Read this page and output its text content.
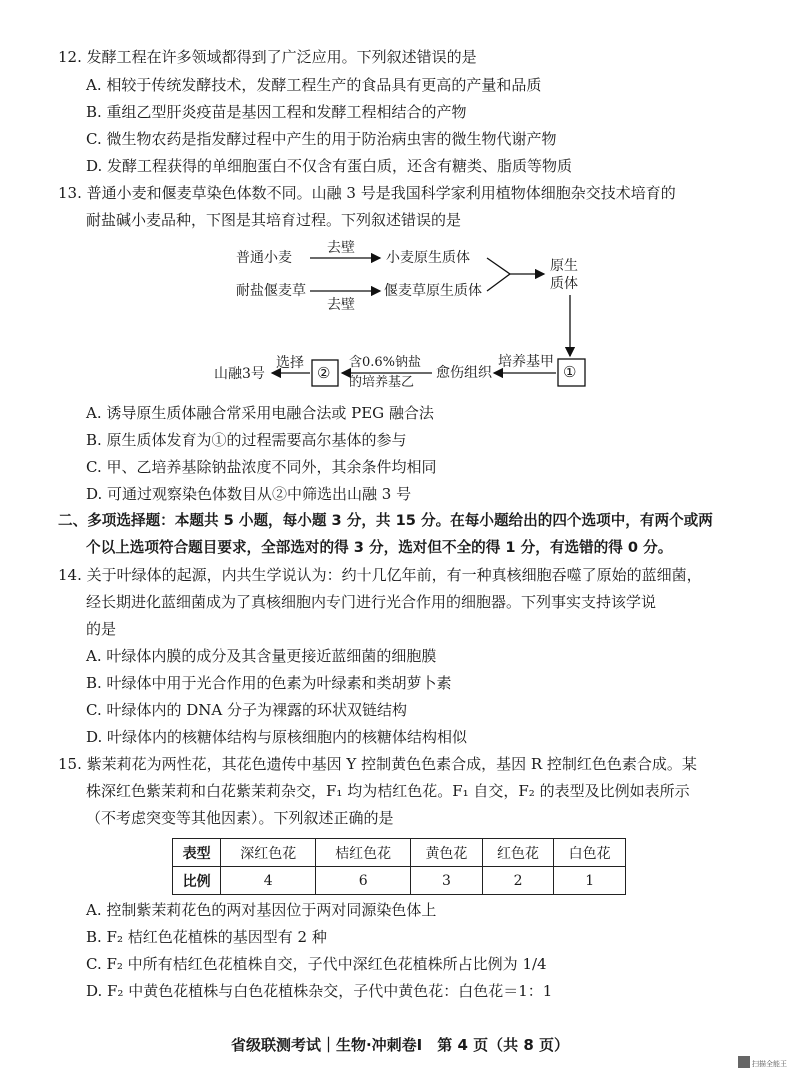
12. 发酵工程在许多领域都得到了广泛应用。下列叙述错误的是
A. 相较于传统发酵技术，发酵工程生产的食品具有更高的产量和品质
B. 重组乙型肝炎疫苗是基因工程和发酵工程相结合的产物
C. 微生物农药是指发酵过程中产生的用于防治病虫害的微生物代谢产物
D. 发酵工程获得的单细胞蛋白不仅含有蛋白质，还含有糖类、脂质等物质
13. 普通小麦和偃麦草染色体数不同。山融 3 号是我国科学家利用植物体细胞杂交技术培育的
耐盐碱小麦品种，下图是其培育过程。下列叙述错误的是
普通小麦
去壁
小麦原生质体
耐盐偃麦草
去壁
偃麦草原生质体
原生
质体
①
培养基甲
愈伤组织
含0.6%钠盐
的培养基乙
②
选择
山融3号
A. 诱导原生质体融合常采用电融合法或 PEG 融合法
B. 原生质体发育为①的过程需要高尔基体的参与
C. 甲、乙培养基除钠盐浓度不同外，其余条件均相同
D. 可通过观察染色体数目从②中筛选出山融 3 号
二、多项选择题：本题共 5 小题，每小题 3 分，共 15 分。在每小题给出的四个选项中，有两个或两
个以上选项符合题目要求，全部选对的得 3 分，选对但不全的得 1 分，有选错的得 0 分。
14. 关于叶绿体的起源，内共生学说认为：约十几亿年前，有一种真核细胞吞噬了原始的蓝细菌，
经长期进化蓝细菌成为了真核细胞内专门进行光合作用的细胞器。下列事实支持该学说
的是
A. 叶绿体内膜的成分及其含量更接近蓝细菌的细胞膜
B. 叶绿体中用于光合作用的色素为叶绿素和类胡萝卜素
C. 叶绿体内的 DNA 分子为裸露的环状双链结构
D. 叶绿体内的核糖体结构与原核细胞内的核糖体结构相似
15. 紫茉莉花为两性花，其花色遗传中基因 Y 控制黄色色素合成，基因 R 控制红色色素合成。某
株深红色紫茉莉和白花紫茉莉杂交，F₁ 均为桔红色花。F₁ 自交，F₂ 的表型及比例如表所示
（不考虑突变等其他因素）。下列叙述正确的是
表型	深红色花	桔红色花	黄色花	红色花	白色花
比例	4	6	3	2	1
A. 控制紫茉莉花色的两对基因位于两对同源染色体上
B. F₂ 桔红色花植株的基因型有 2 种
C. F₂ 中所有桔红色花植株自交，子代中深红色花植株所占比例为 1/4
D. F₂ 中黄色花植株与白色花植株杂交，子代中黄色花：白色花＝1：1
省级联测考试｜生物·冲刺卷Ⅰ　第 4 页（共 8 页）
扫描全能王
